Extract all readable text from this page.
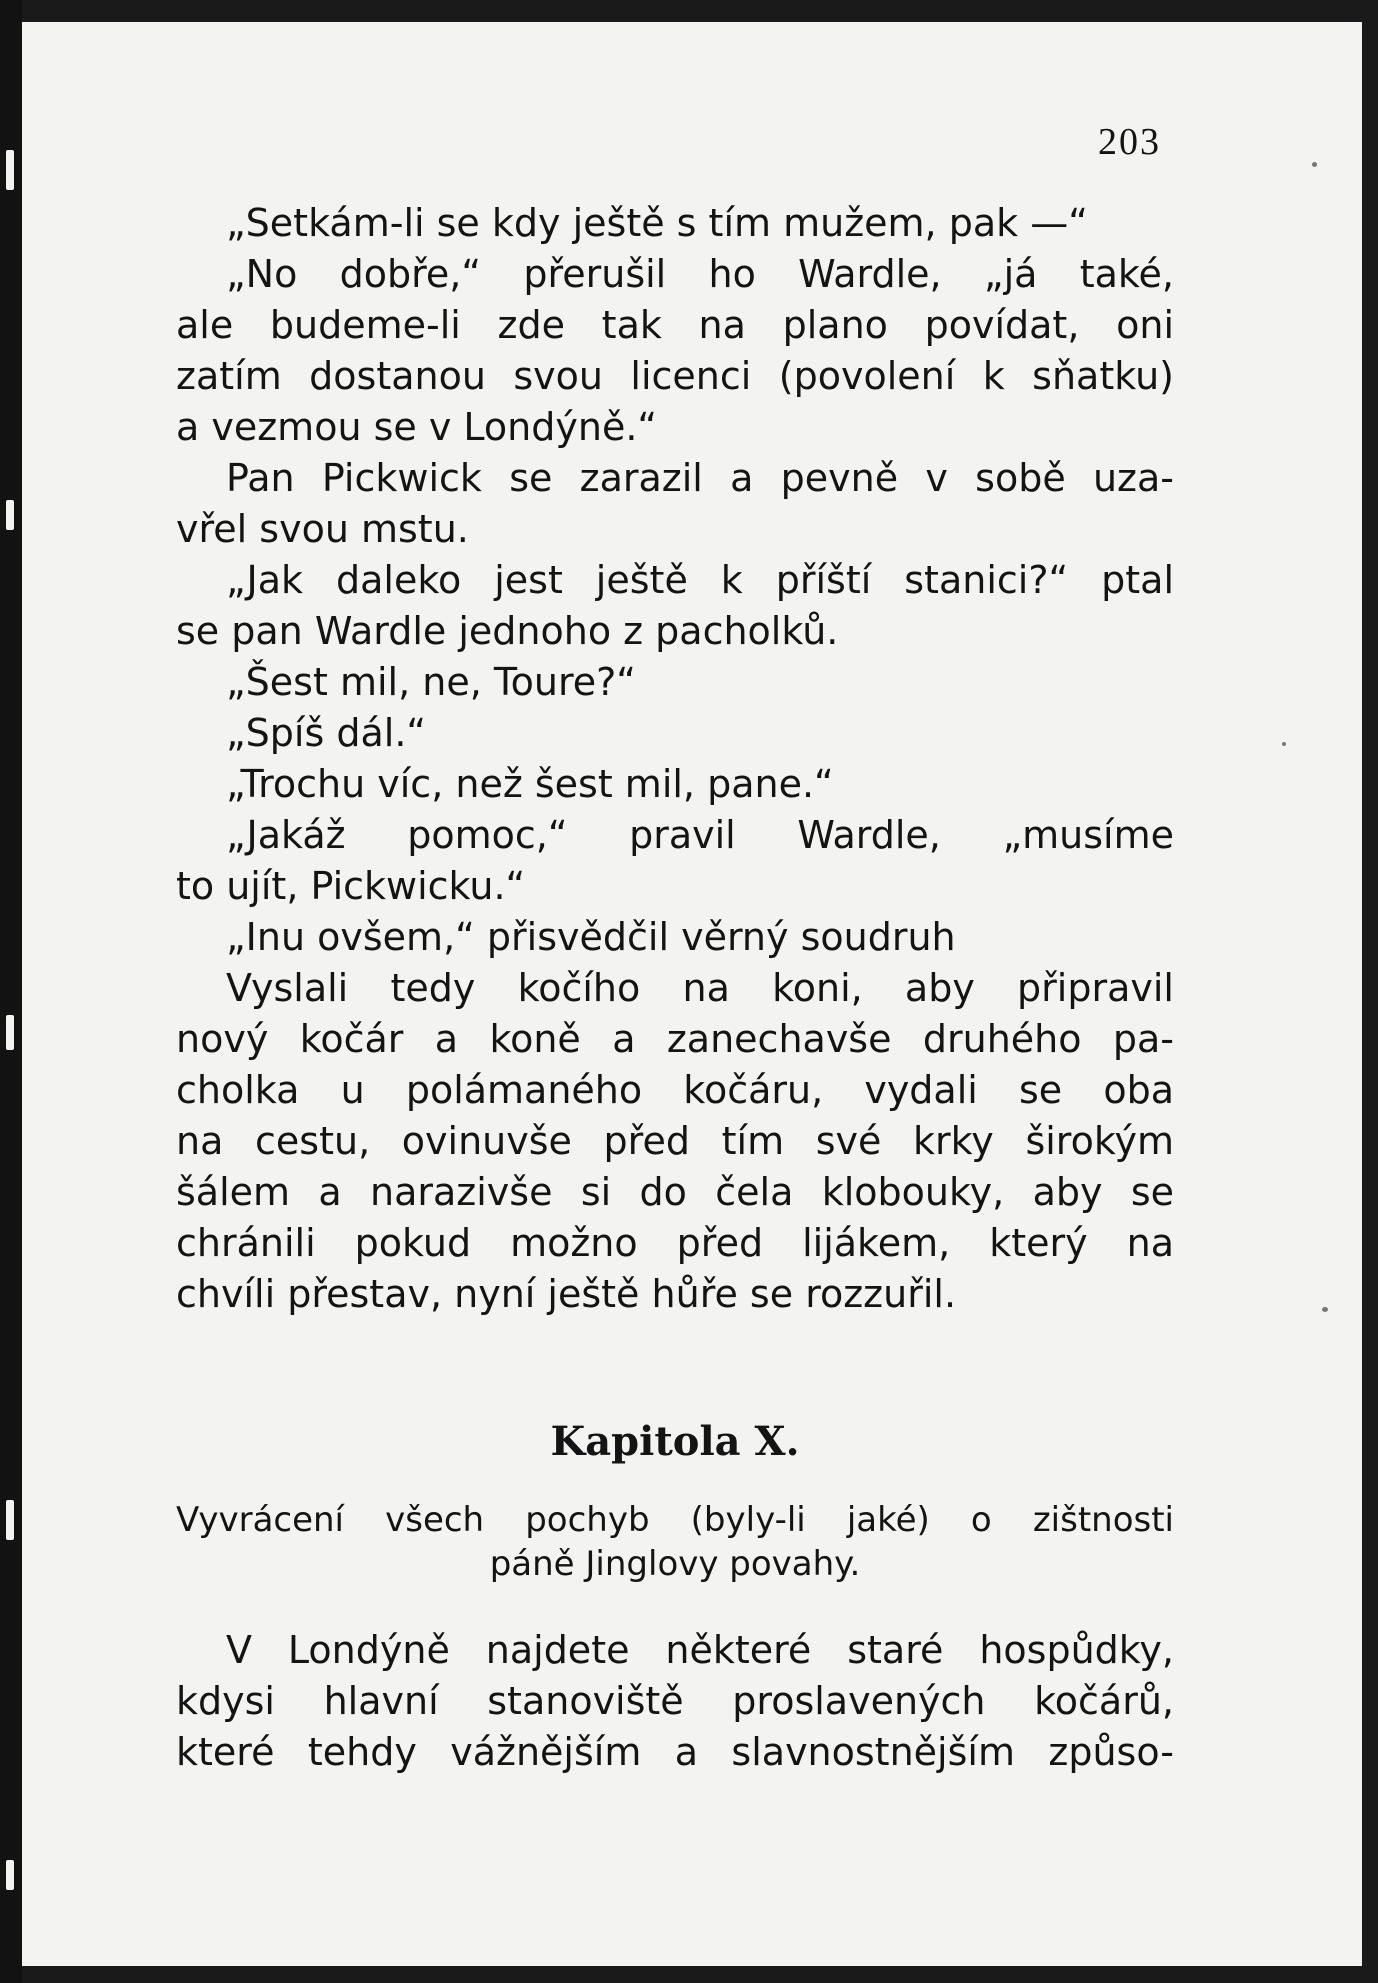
203
„Setkám-li se kdy ještě s tím mužem, pak —“
„No dobře,“ přerušil ho Wardle, „já také,
ale budeme-li zde tak na plano povídat, oni
zatím dostanou svou licenci (povolení k sňatku)
a vezmou se v Londýně.“
Pan Pickwick se zarazil a pevně v sobě uza-
vřel svou mstu.
„Jak daleko jest ještě k příští stanici?“ ptal
se pan Wardle jednoho z pacholků.
„Šest mil, ne, Toure?“
„Spíš dál.“
„Trochu víc, než šest mil, pane.“
„Jakáž pomoc,“ pravil Wardle, „musíme
to ujít, Pickwicku.“
„Inu ovšem,“ přisvědčil věrný soudruh
Vyslali tedy kočího na koni, aby připravil
nový kočár a koně a zanechavše druhého pa-
cholka u polámaného kočáru, vydali se oba
na cestu, ovinuvše před tím své krky širokým
šálem a narazivše si do čela klobouky, aby se
chránili pokud možno před lijákem, který na
chvíli přestav, nyní ještě hůře se rozzuřil.
Kapitola X.
Vyvrácení všech pochyb (byly-li jaké) o zištnosti
páně Jinglovy povahy.
V Londýně najdete některé staré hospůdky,
kdysi hlavní stanoviště proslavených kočárů,
které tehdy vážnějším a slavnostnějším způso-
